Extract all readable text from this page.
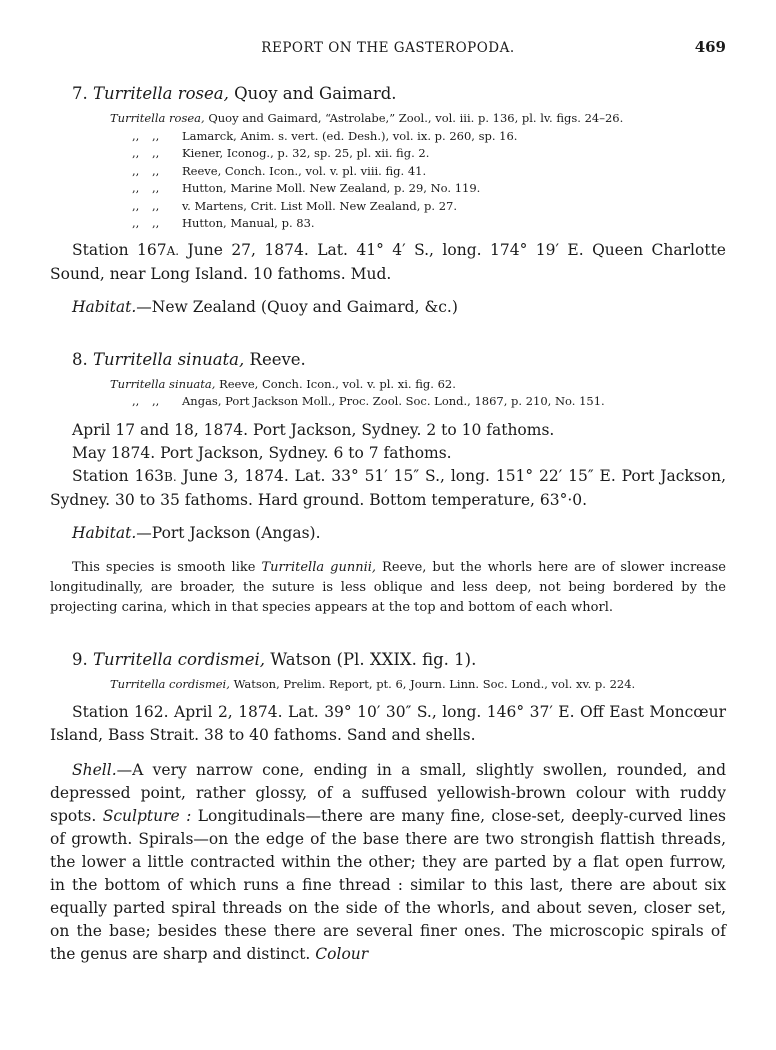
REPORT ON THE GASTEROPODA.	469
7. Turritella rosea, Quoy and Gaimard.
Turritella rosea, Quoy and Gaimard, “Astrolabe,” Zool., vol. iii. p. 136, pl. lv. figs. 24–26.
,, ,, Lamarck, Anim. s. vert. (ed. Desh.), vol. ix. p. 260, sp. 16.
,, ,, Kiener, Iconog., p. 32, sp. 25, pl. xii. fig. 2.
,, ,, Reeve, Conch. Icon., vol. v. pl. viii. fig. 41.
,, ,, Hutton, Marine Moll. New Zealand, p. 29, No. 119.
,, ,, v. Martens, Crit. List Moll. New Zealand, p. 27.
,, ,, Hutton, Manual, p. 83.
Station 167A. June 27, 1874. Lat. 41° 4′ S., long. 174° 19′ E. Queen Charlotte Sound, near Long Island. 10 fathoms. Mud.
Habitat.—New Zealand (Quoy and Gaimard, &c.)
8. Turritella sinuata, Reeve.
Turritella sinuata, Reeve, Conch. Icon., vol. v. pl. xi. fig. 62.
,, ,, Angas, Port Jackson Moll., Proc. Zool. Soc. Lond., 1867, p. 210, No. 151.
April 17 and 18, 1874. Port Jackson, Sydney. 2 to 10 fathoms.
May 1874. Port Jackson, Sydney. 6 to 7 fathoms.
Station 163B. June 3, 1874. Lat. 33° 51′ 15″ S., long. 151° 22′ 15″ E. Port Jackson, Sydney. 30 to 35 fathoms. Hard ground. Bottom temperature, 63°·0.
Habitat.—Port Jackson (Angas).
This species is smooth like Turritella gunnii, Reeve, but the whorls here are of slower increase longitudinally, are broader, the suture is less oblique and less deep, not being bordered by the projecting carina, which in that species appears at the top and bottom of each whorl.
9. Turritella cordismei, Watson (Pl. XXIX. fig. 1).
Turritella cordismei, Watson, Prelim. Report, pt. 6, Journ. Linn. Soc. Lond., vol. xv. p. 224.
Station 162. April 2, 1874. Lat. 39° 10′ 30″ S., long. 146° 37′ E. Off East Moncœur Island, Bass Strait. 38 to 40 fathoms. Sand and shells.
Shell.—A very narrow cone, ending in a small, slightly swollen, rounded, and depressed point, rather glossy, of a suffused yellowish-brown colour with ruddy spots. Sculpture : Longitudinals—there are many fine, close-set, deeply-curved lines of growth. Spirals—on the edge of the base there are two strongish flattish threads, the lower a little contracted within the other; they are parted by a flat open furrow, in the bottom of which runs a fine thread : similar to this last, there are about six equally parted spiral threads on the side of the whorls, and about seven, closer set, on the base; besides these there are several finer ones. The microscopic spirals of the genus are sharp and distinct. Colour
